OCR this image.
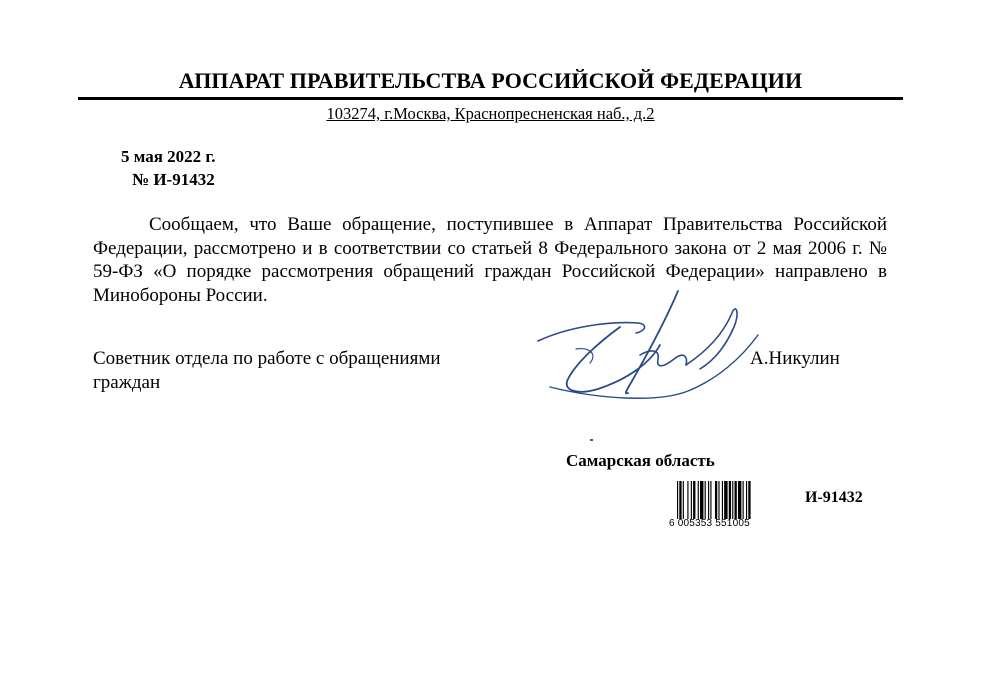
АППАРАТ ПРАВИТЕЛЬСТВА РОССИЙСКОЙ ФЕДЕРАЦИИ
103274, г.Москва, Краснопресненская наб., д.2
5 мая 2022 г.
№ И-91432
Сообщаем, что Ваше обращение, поступившее в Аппарат Правительства Российской Федерации, рассмотрено и в соответствии со статьей 8 Федерального закона от 2 мая 2006 г. № 59-ФЗ «О порядке рассмотрения обращений граждан Российской Федерации» направлено в Минобороны России.
Советник отдела по работе с обращениями
граждан
А.Никулин
Самарская область
6 005353 551005
И-91432
